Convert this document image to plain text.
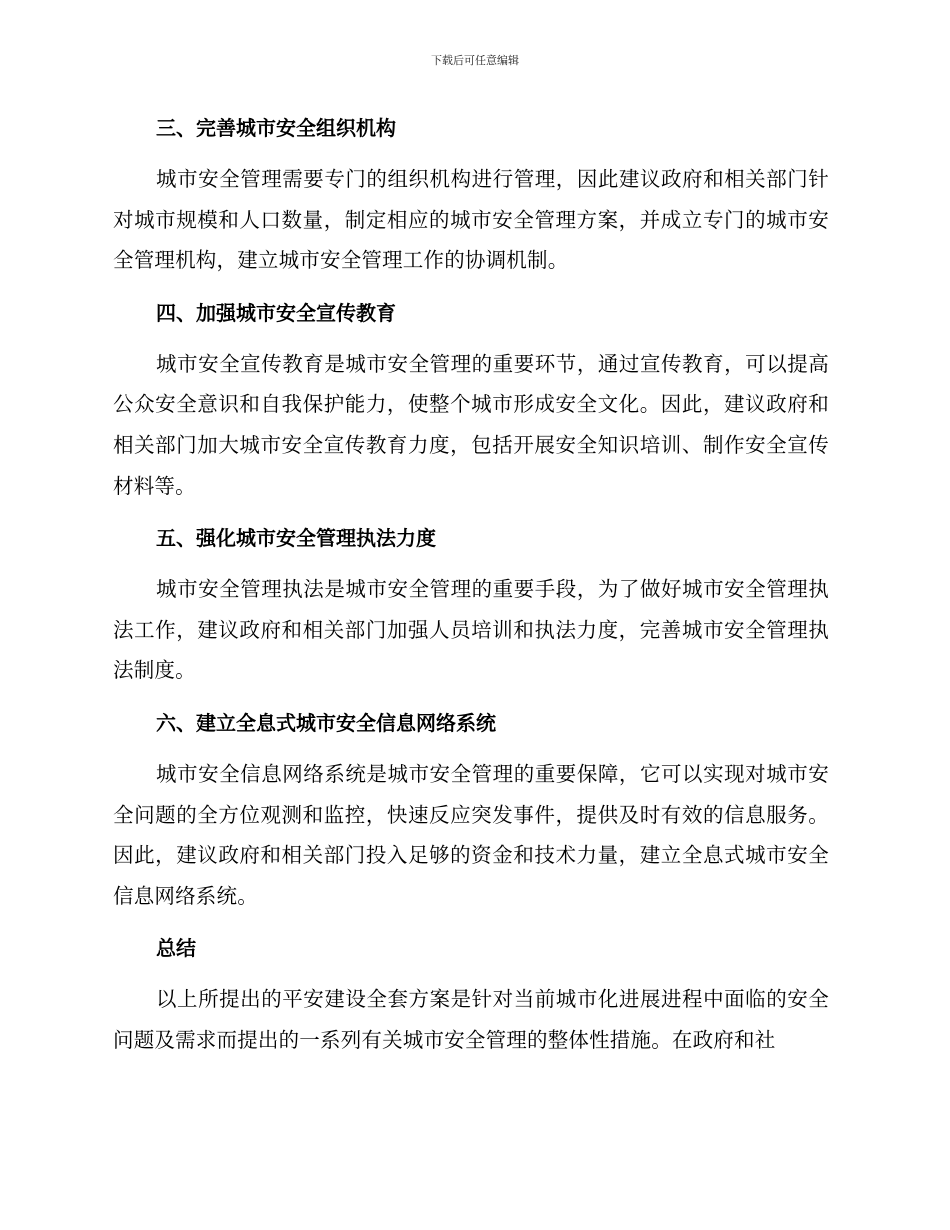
下载后可任意编辑
三、完善城市安全组织机构

城市安全管理需要专门的组织机构进行管理，因此建议政府和相关部门针对城市规模和人口数量，制定相应的城市安全管理方案，并成立专门的城市安全管理机构，建立城市安全管理工作的协调机制。

四、加强城市安全宣传教育

城市安全宣传教育是城市安全管理的重要环节，通过宣传教育，可以提高公众安全意识和自我保护能力，使整个城市形成安全文化。因此，建议政府和相关部门加大城市安全宣传教育力度，包括开展安全知识培训、制作安全宣传材料等。

五、强化城市安全管理执法力度

城市安全管理执法是城市安全管理的重要手段，为了做好城市安全管理执法工作，建议政府和相关部门加强人员培训和执法力度，完善城市安全管理执法制度。

六、建立全息式城市安全信息网络系统

城市安全信息网络系统是城市安全管理的重要保障，它可以实现对城市安全问题的全方位观测和监控，快速反应突发事件，提供及时有效的信息服务。因此，建议政府和相关部门投入足够的资金和技术力量，建立全息式城市安全信息网络系统。

总结

以上所提出的平安建设全套方案是针对当前城市化进展进程中面临的安全问题及需求而提出的一系列有关城市安全管理的整体性措施。在政府和社
